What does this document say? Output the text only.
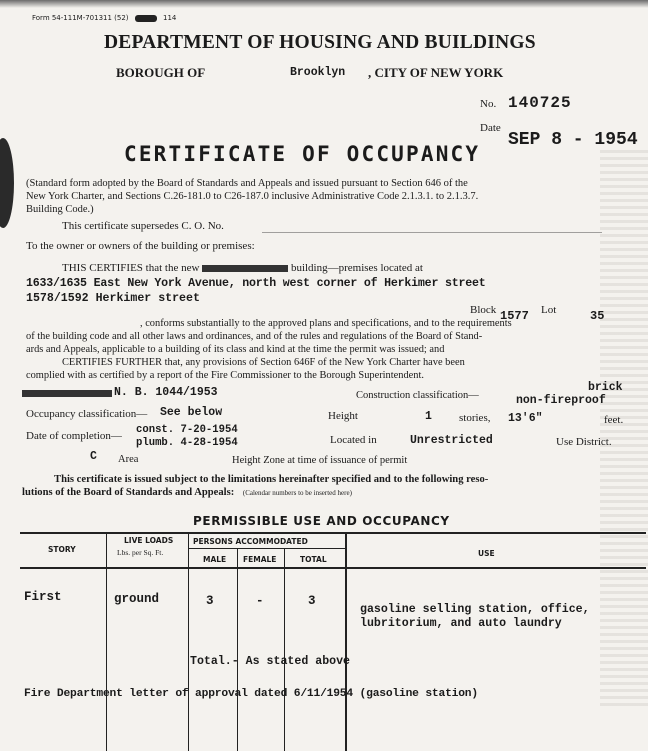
Form 54-111M-701311 (52)	114
DEPARTMENT OF HOUSING AND BUILDINGS
BOROUGH OF	Brooklyn , CITY OF NEW YORK
No. 140725
Date
SEP 8 - 1954
CERTIFICATE OF OCCUPANCY
(Standard form adopted by the Board of Standards and Appeals and issued pursuant to Section 646 of the
New York Charter, and Sections C.26-181.0 to C26-187.0 inclusive Administrative Code 2.1.3.1. to 2.1.3.7.
Building Code.)
This certificate supersedes C. O. No.
To the owner or owners of the building or premises:
THIS CERTIFIES that the new	building—premises located at
1633/1635 East New York Avenue, north west corner of Herkimer street
1578/1592 Herkimer street
Block 1577 Lot	35
, conforms substantially to the approved plans and specifications, and to the requirements
of the building code and all other laws and ordinances, and of the rules and regulations of the Board of Stand-
ards and Appeals, applicable to a building of its class and kind at the time the permit was issued; and
CERTIFIES FURTHER that, any provisions of Section 646F of the New York Charter have been
complied with as certified by a report of the Fire Commissioner to the Borough Superintendent.
N. B. 1044/1953	Construction classification—
brick
non-fireproof
Occupancy classification— See below	Height	1 stories, 13'6"	feet.
Date of completion— const. 7-20-1954
plumb. 4-28-1954	Located in	Unrestricted	Use District.
C Area	Height Zone at time of issuance of permit
This certificate is issued subject to the limitations hereinafter specified and to the following reso-
lutions of the Board of Standards and Appeals: (Calendar numbers to be inserted here)
PERMISSIBLE USE AND OCCUPANCY
STORY
LIVE LOADS
Lbs. per Sq. Ft.
PERSONS ACCOMMODATED
MALE FEMALE	TOTAL
USE
First	ground	3	-	3
gasoline selling station, office,
lubritorium, and auto laundry
Total.- As stated above
Fire Department letter of approval dated 6/11/1954 (gasoline station)
